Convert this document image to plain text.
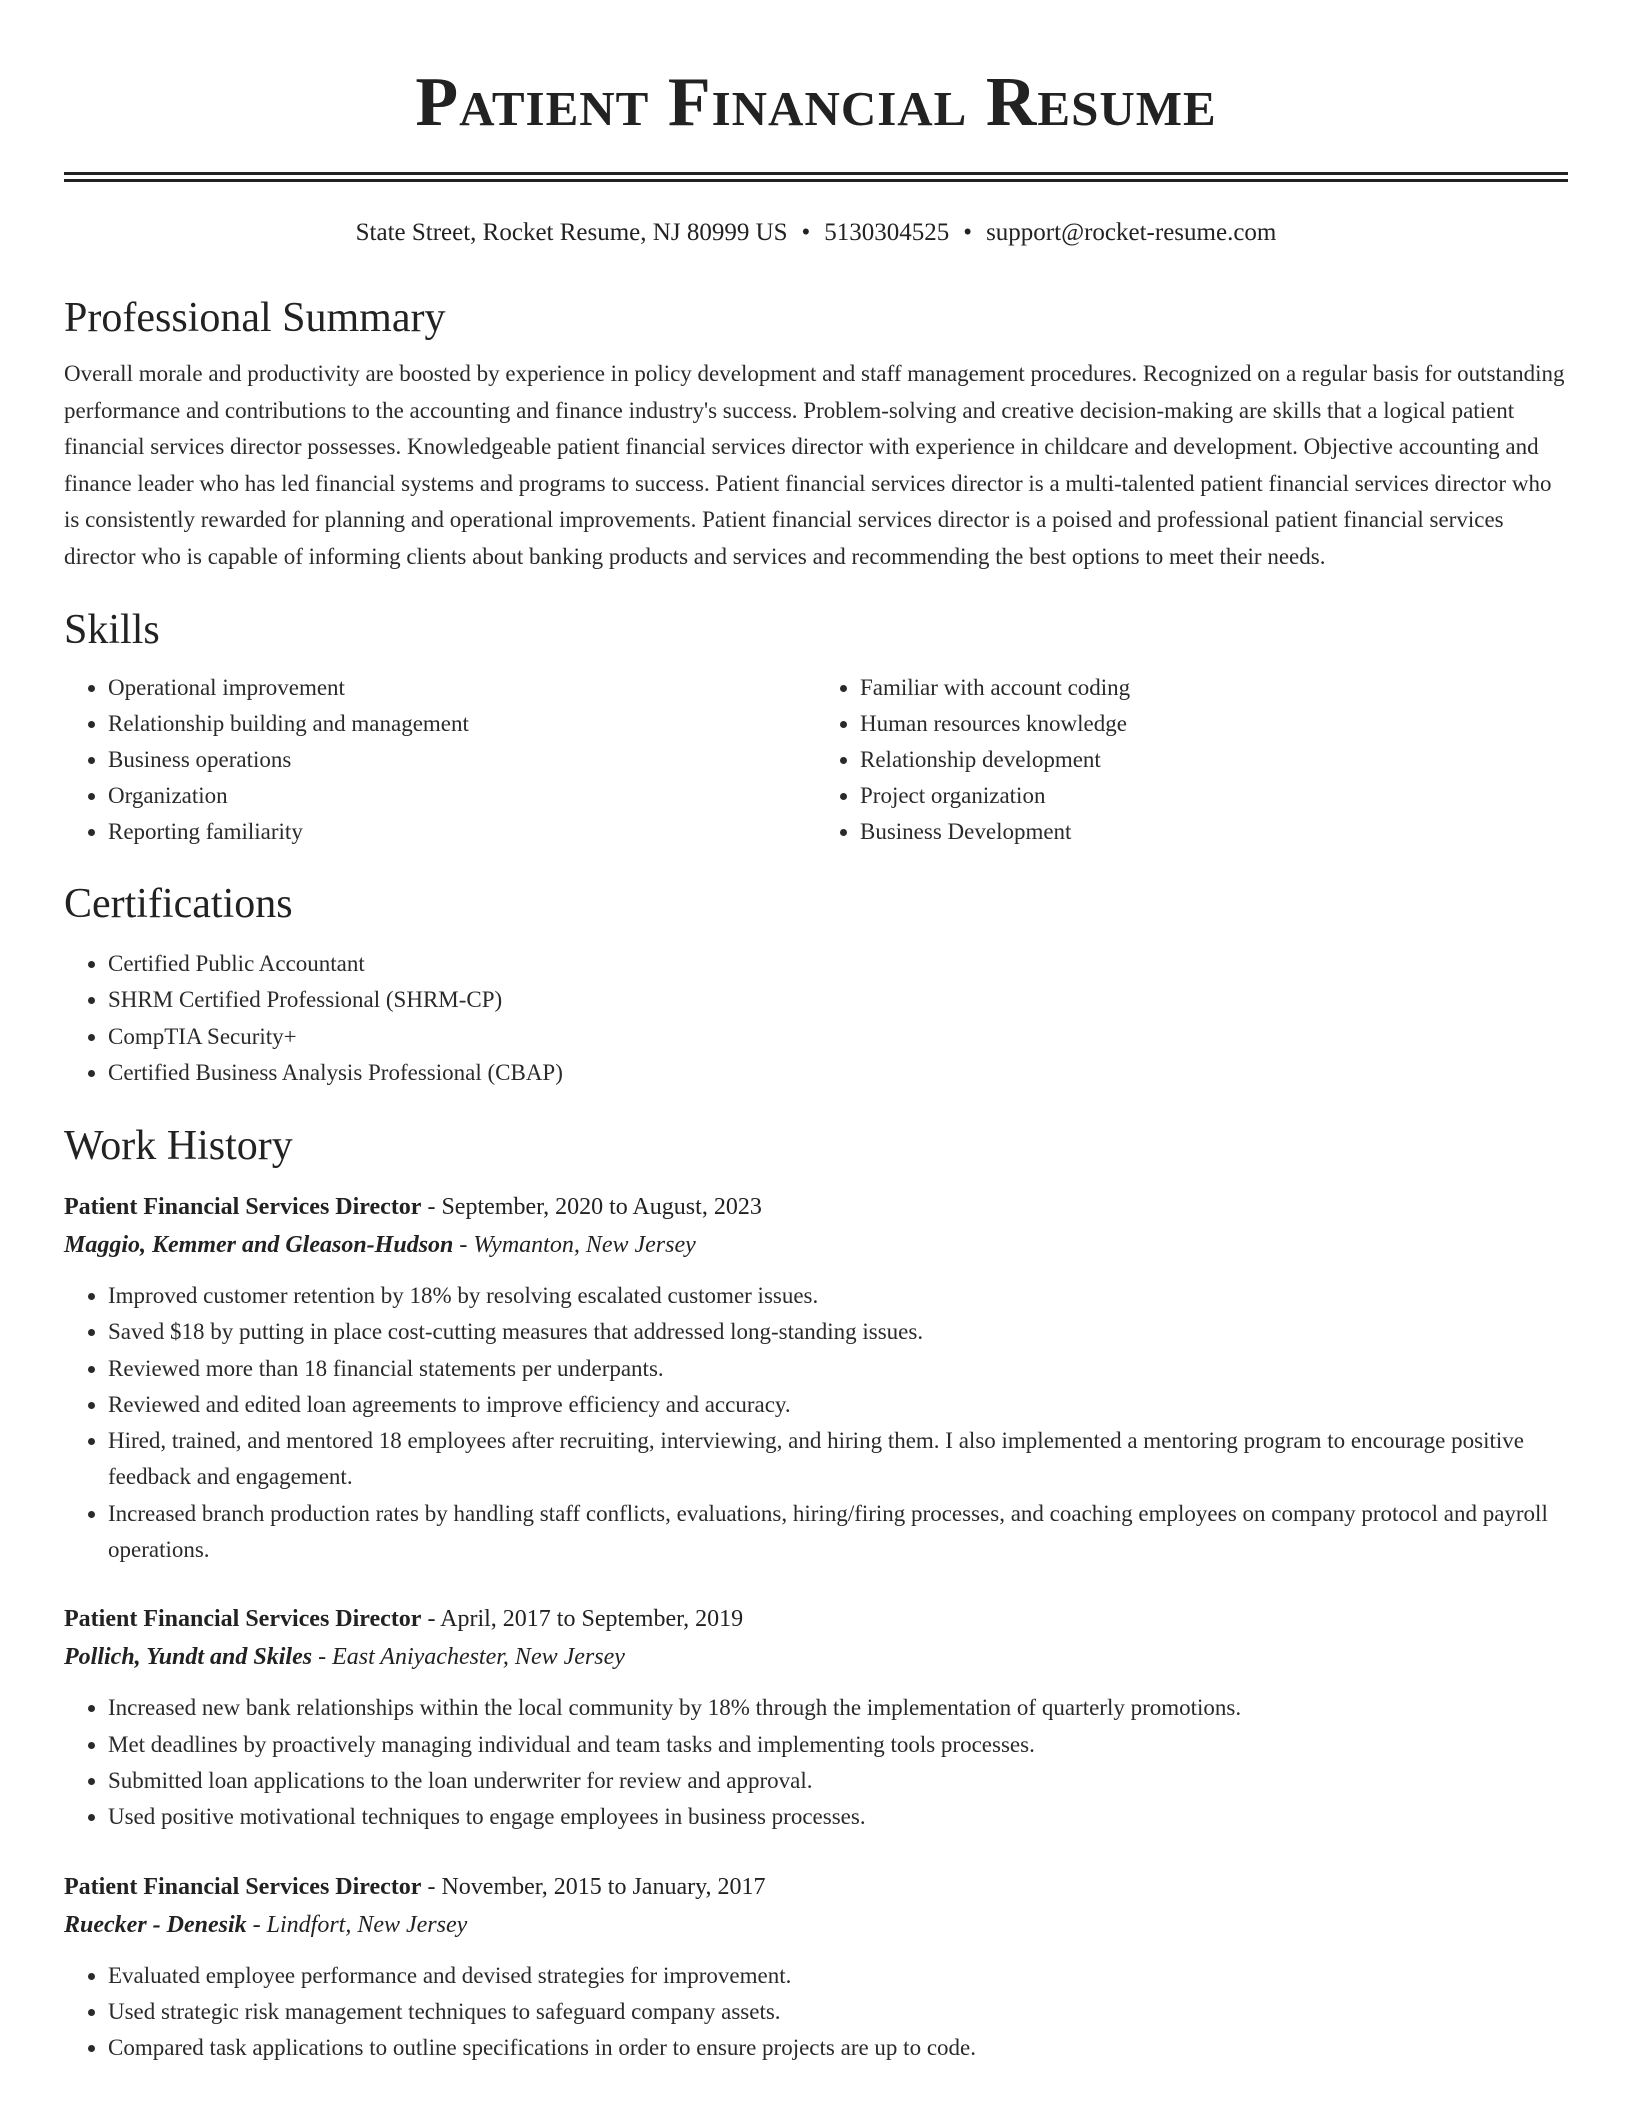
Patient Financial Resume
State Street, Rocket Resume, NJ 80999 US • 5130304525 • support@rocket-resume.com
Professional Summary
Overall morale and productivity are boosted by experience in policy development and staff management procedures. Recognized on a regular basis for outstanding performance and contributions to the accounting and finance industry's success. Problem-solving and creative decision-making are skills that a logical patient financial services director possesses. Knowledgeable patient financial services director with experience in childcare and development. Objective accounting and finance leader who has led financial systems and programs to success. Patient financial services director is a multi-talented patient financial services director who is consistently rewarded for planning and operational improvements. Patient financial services director is a poised and professional patient financial services director who is capable of informing clients about banking products and services and recommending the best options to meet their needs.
Skills
• Operational improvement
• Relationship building and management
• Business operations
• Organization
• Reporting familiarity
• Familiar with account coding
• Human resources knowledge
• Relationship development
• Project organization
• Business Development
Certifications
• Certified Public Accountant
• SHRM Certified Professional (SHRM-CP)
• CompTIA Security+
• Certified Business Analysis Professional (CBAP)
Work History
Patient Financial Services Director - September, 2020 to August, 2023
Maggio, Kemmer and Gleason-Hudson - Wymanton, New Jersey
• Improved customer retention by 18% by resolving escalated customer issues.
• Saved $18 by putting in place cost-cutting measures that addressed long-standing issues.
• Reviewed more than 18 financial statements per underpants.
• Reviewed and edited loan agreements to improve efficiency and accuracy.
• Hired, trained, and mentored 18 employees after recruiting, interviewing, and hiring them. I also implemented a mentoring program to encourage positive feedback and engagement.
• Increased branch production rates by handling staff conflicts, evaluations, hiring/firing processes, and coaching employees on company protocol and payroll operations.
Patient Financial Services Director - April, 2017 to September, 2019
Pollich, Yundt and Skiles - East Aniyachester, New Jersey
• Increased new bank relationships within the local community by 18% through the implementation of quarterly promotions.
• Met deadlines by proactively managing individual and team tasks and implementing tools processes.
• Submitted loan applications to the loan underwriter for review and approval.
• Used positive motivational techniques to engage employees in business processes.
Patient Financial Services Director - November, 2015 to January, 2017
Ruecker - Denesik - Lindfort, New Jersey
• Evaluated employee performance and devised strategies for improvement.
• Used strategic risk management techniques to safeguard company assets.
• Compared task applications to outline specifications in order to ensure projects are up to code.
